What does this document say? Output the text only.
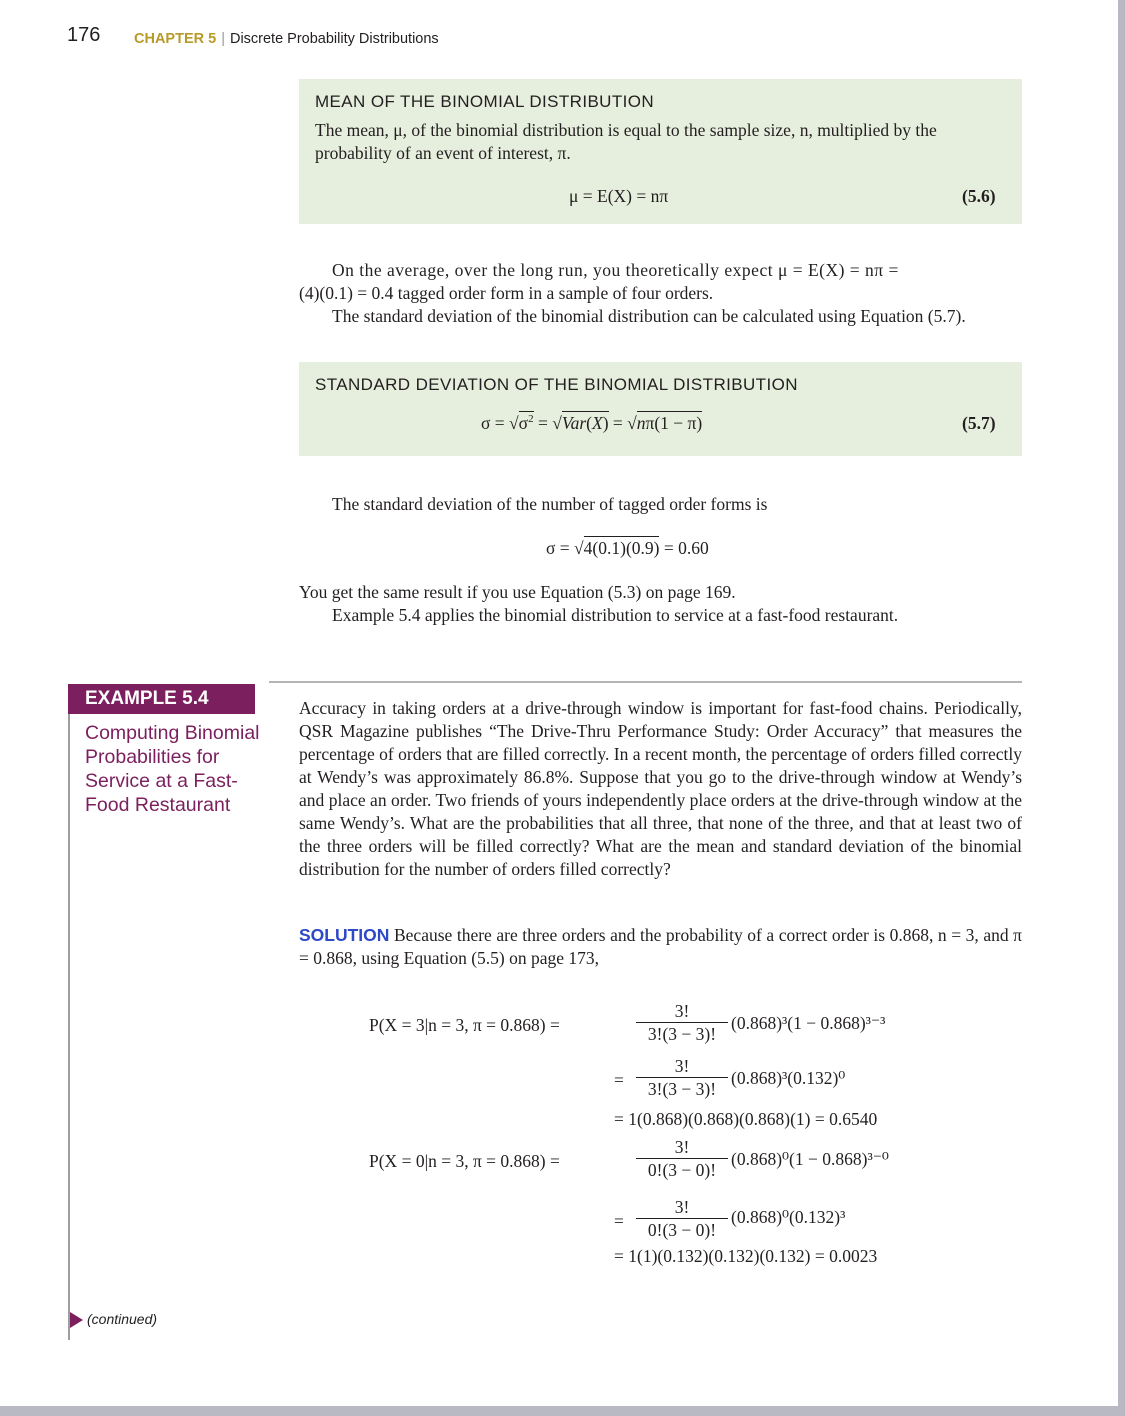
176 CHAPTER 5 | Discrete Probability Distributions
MEAN OF THE BINOMIAL DISTRIBUTION
The mean, μ, of the binomial distribution is equal to the sample size, n, multiplied by the probability of an event of interest, π.
μ = E(X) = nπ	(5.6)
On the average, over the long run, you theoretically expect μ = E(X) = nπ =
(4)(0.1) = 0.4 tagged order form in a sample of four orders.
The standard deviation of the binomial distribution can be calculated using Equation (5.7).
STANDARD DEVIATION OF THE BINOMIAL DISTRIBUTION
$\sigma = √\sigma^2 = √Var(X) = √n\pi(1 - \pi)$	(5.7)
The standard deviation of the number of tagged order forms is
σ = √4(0.1)(0.9) = 0.60
You get the same result if you use Equation (5.3) on page 169.
Example 5.4 applies the binomial distribution to service at a fast-food restaurant.
EXAMPLE 5.4
Computing Binomial Probabilities for Service at a Fast-Food Restaurant
Accuracy in taking orders at a drive-through window is important for fast-food chains. Periodically, QSR Magazine publishes “The Drive-Thru Performance Study: Order Accuracy” that measures the percentage of orders that are filled correctly. In a recent month, the percentage of orders filled correctly at Wendy’s was approximately 86.8%. Suppose that you go to the drive-through window at Wendy’s and place an order. Two friends of yours independently place orders at the drive-through window at the same Wendy’s. What are the probabilities that all three, that none of the three, and that at least two of the three orders will be filled correctly? What are the mean and standard deviation of the binomial distribution for the number of orders filled correctly?
SOLUTION Because there are three orders and the probability of a correct order is 0.868, n = 3, and π = 0.868, using Equation (5.5) on page 173,
P(X = 3|n = 3, π = 0.868) =	$\frac{3!}{3!(3 - 3)!} (0.868)^3(1 - 0.868)^{3-3}$
= $\frac{3!}{3!(3 - 3)!} (0.868)^3(0.132)^0$
= 1(0.868)(0.868)(0.868)(1) = 0.6540
P(X = 0|n = 3, π = 0.868) =	$\frac{3!}{0!(3 - 0)!} (0.868)^0(1 - 0.868)^{3-0}$
= $\frac{3!}{0!(3 - 0)!} (0.868)^0(0.132)^3$
= 1(1)(0.132)(0.132)(0.132) = 0.0023
(continued)
